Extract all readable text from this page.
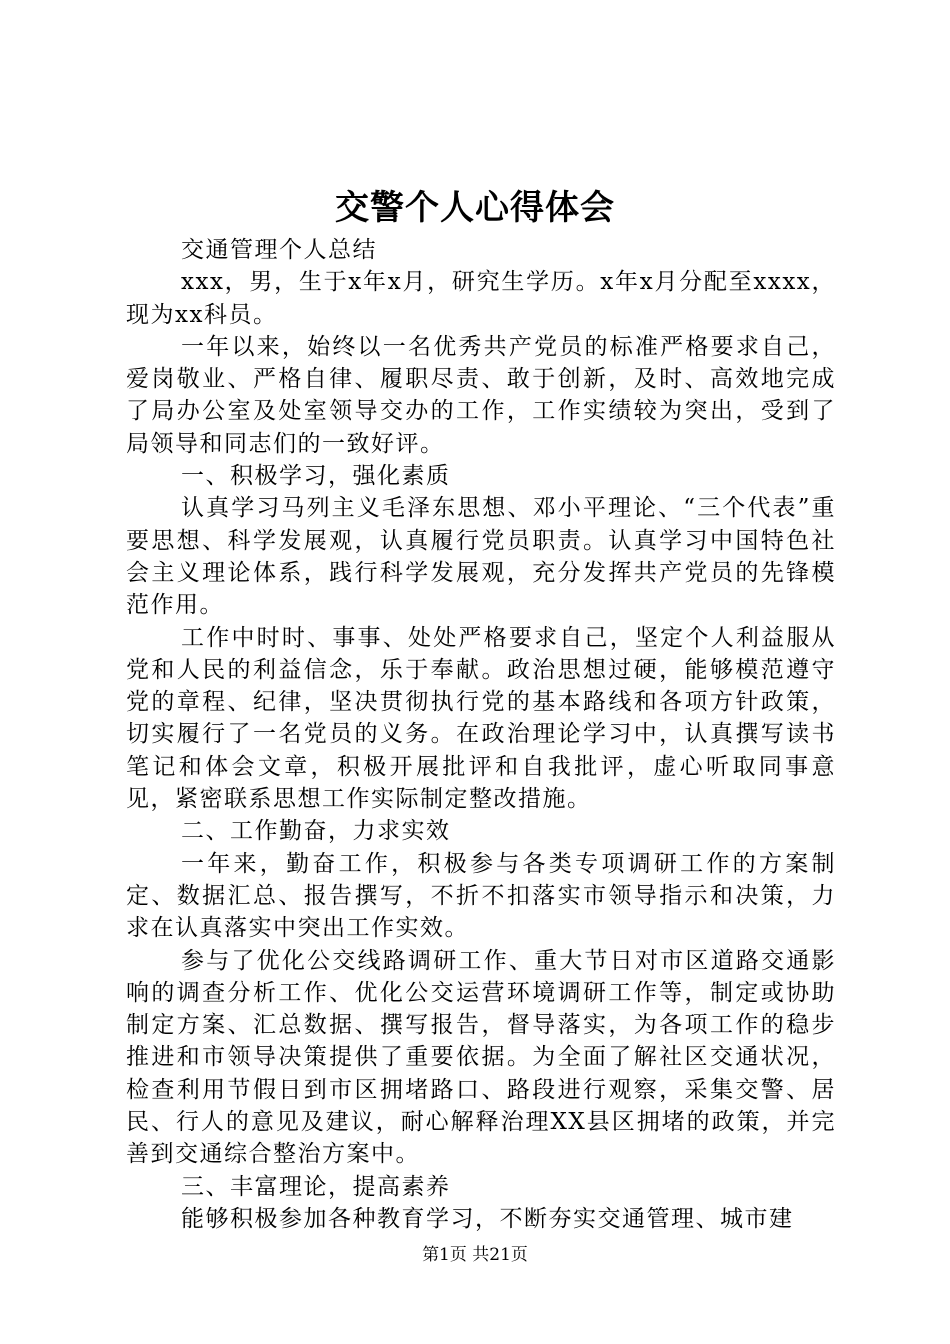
交警个人心得体会

交通管理个人总结

xxx，男，生于x年x月，研究生学历。x年x月分配至xxxx，现为xx科员。

一年以来，始终以一名优秀共产党员的标准严格要求自己，爱岗敬业、严格自律、履职尽责、敢于创新，及时、高效地完成了局办公室及处室领导交办的工作，工作实绩较为突出，受到了局领导和同志们的一致好评。

一、积极学习，强化素质

认真学习马列主义毛泽东思想、邓小平理论、“三个代表”重要思想、科学发展观，认真履行党员职责。认真学习中国特色社会主义理论体系，践行科学发展观，充分发挥共产党员的先锋模范作用。

工作中时时、事事、处处严格要求自己，坚定个人利益服从党和人民的利益信念，乐于奉献。政治思想过硬，能够模范遵守党的章程、纪律，坚决贯彻执行党的基本路线和各项方针政策，切实履行了一名党员的义务。在政治理论学习中，认真撰写读书笔记和体会文章，积极开展批评和自我批评，虚心听取同事意见，紧密联系思想工作实际制定整改措施。

二、工作勤奋，力求实效

一年来，勤奋工作，积极参与各类专项调研工作的方案制定、数据汇总、报告撰写，不折不扣落实市领导指示和决策，力求在认真落实中突出工作实效。

参与了优化公交线路调研工作、重大节日对市区道路交通影响的调查分析工作、优化公交运营环境调研工作等，制定或协助制定方案、汇总数据、撰写报告，督导落实，为各项工作的稳步推进和市领导决策提供了重要依据。为全面了解社区交通状况，检查利用节假日到市区拥堵路口、路段进行观察，采集交警、居民、行人的意见及建议，耐心解释治理XX县区拥堵的政策，并完善到交通综合整治方案中。

三、丰富理论，提高素养

能够积极参加各种教育学习，不断夯实交通管理、城市建

第1页 共21页
